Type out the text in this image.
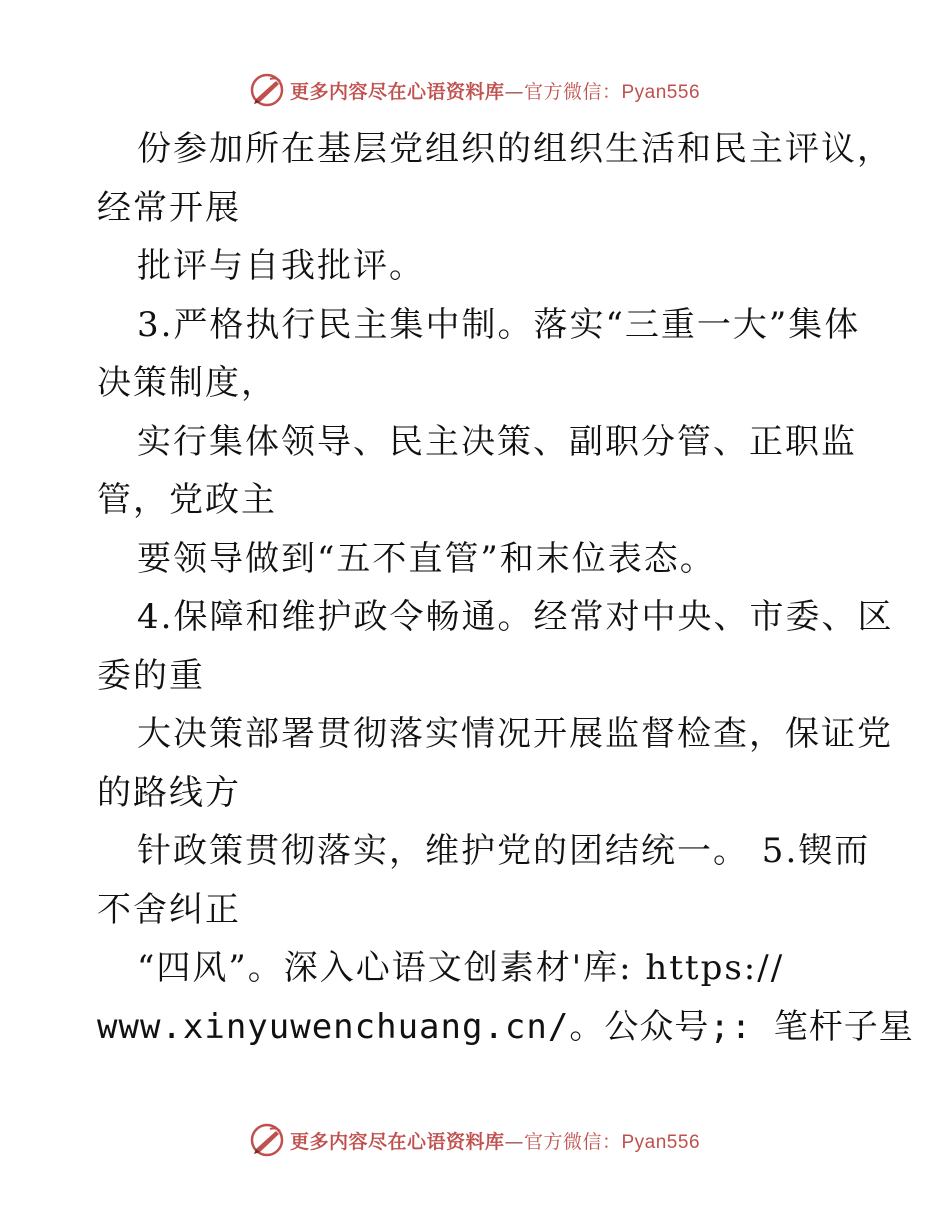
更多内容尽在心语资料库—官方微信：Pyan556
份参加所在基层党组织的组织生活和民主评议，
经常开展
批评与自我批评。
3.严格执行民主集中制。落实“三重一大”集体
决策制度，
实行集体领导、民主决策、副职分管、正职监
管，党政主
要领导做到“五不直管”和末位表态。
4.保障和维护政令畅通。经常对中央、市委、区
委的重
大决策部署贯彻落实情况开展监督检查，保证党
的路线方
针政策贯彻落实，维护党的团结统一。 5.锲而
不舍纠正
“四风”。深入心语文创素材'库: https://
www.xinyuwenchuang.cn/。公众号;: 笔杆子星
更多内容尽在心语资料库—官方微信：Pyan556
